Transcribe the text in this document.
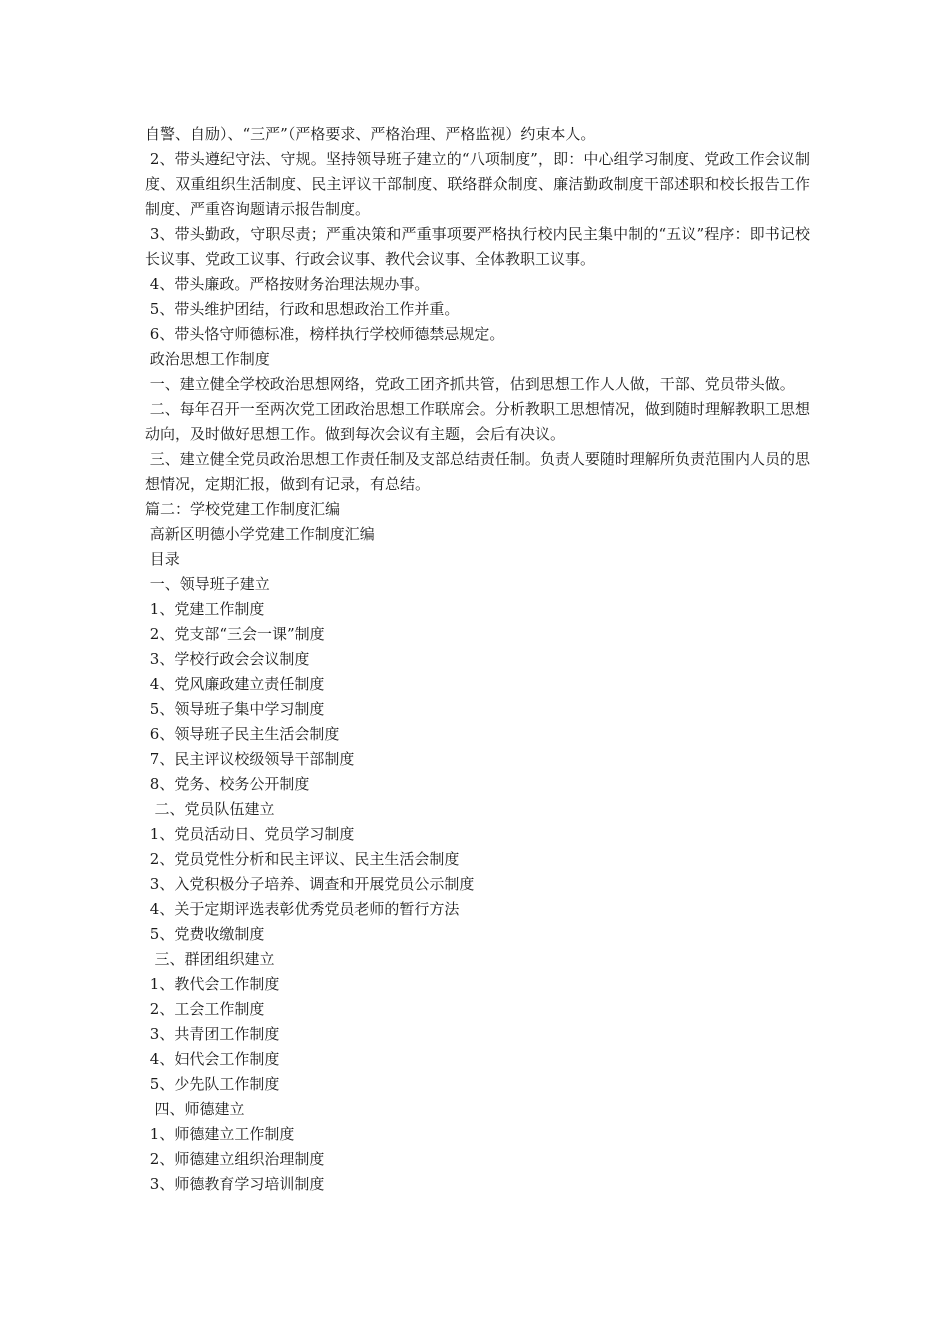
自警、自励）、“三严”（严格要求、严格治理、严格监视）约束本人。

2、带头遵纪守法、守规。坚持领导班子建立的“八项制度”，即：中心组学习制度、党政工作会议制度、双重组织生活制度、民主评议干部制度、联络群众制度、廉洁勤政制度干部述职和校长报告工作制度、严重咨询题请示报告制度。

3、带头勤政，守职尽责；严重决策和严重事项要严格执行校内民主集中制的“五议”程序：即书记校长议事、党政工议事、行政会议事、教代会议事、全体教职工议事。

4、带头廉政。严格按财务治理法规办事。

5、带头维护团结，行政和思想政治工作并重。

6、带头恪守师德标准，榜样执行学校师德禁忌规定。

政治思想工作制度

一、建立健全学校政治思想网络，党政工团齐抓共管，估到思想工作人人做，干部、党员带头做。

二、每年召开一至两次党工团政治思想工作联席会。分析教职工思想情况，做到随时理解教职工思想动向，及时做好思想工作。做到每次会议有主题，会后有决议。

三、建立健全党员政治思想工作责任制及支部总结责任制。负责人要随时理解所负责范围内人员的思想情况，定期汇报，做到有记录，有总结。

篇二：学校党建工作制度汇编

高新区明德小学党建工作制度汇编

目录

一、领导班子建立

1、党建工作制度

2、党支部“三会一课”制度

3、学校行政会会议制度

4、党风廉政建立责任制度

5、领导班子集中学习制度

6、领导班子民主生活会制度

7、民主评议校级领导干部制度

8、党务、校务公开制度

二、党员队伍建立

1、党员活动日、党员学习制度

2、党员党性分析和民主评议、民主生活会制度

3、入党积极分子培养、调查和开展党员公示制度

4、关于定期评选表彰优秀党员老师的暂行方法

5、党费收缴制度

三、群团组织建立

1、教代会工作制度

2、工会工作制度

3、共青团工作制度

4、妇代会工作制度

5、少先队工作制度

四、师德建立

1、师德建立工作制度

2、师德建立组织治理制度

3、师德教育学习培训制度
